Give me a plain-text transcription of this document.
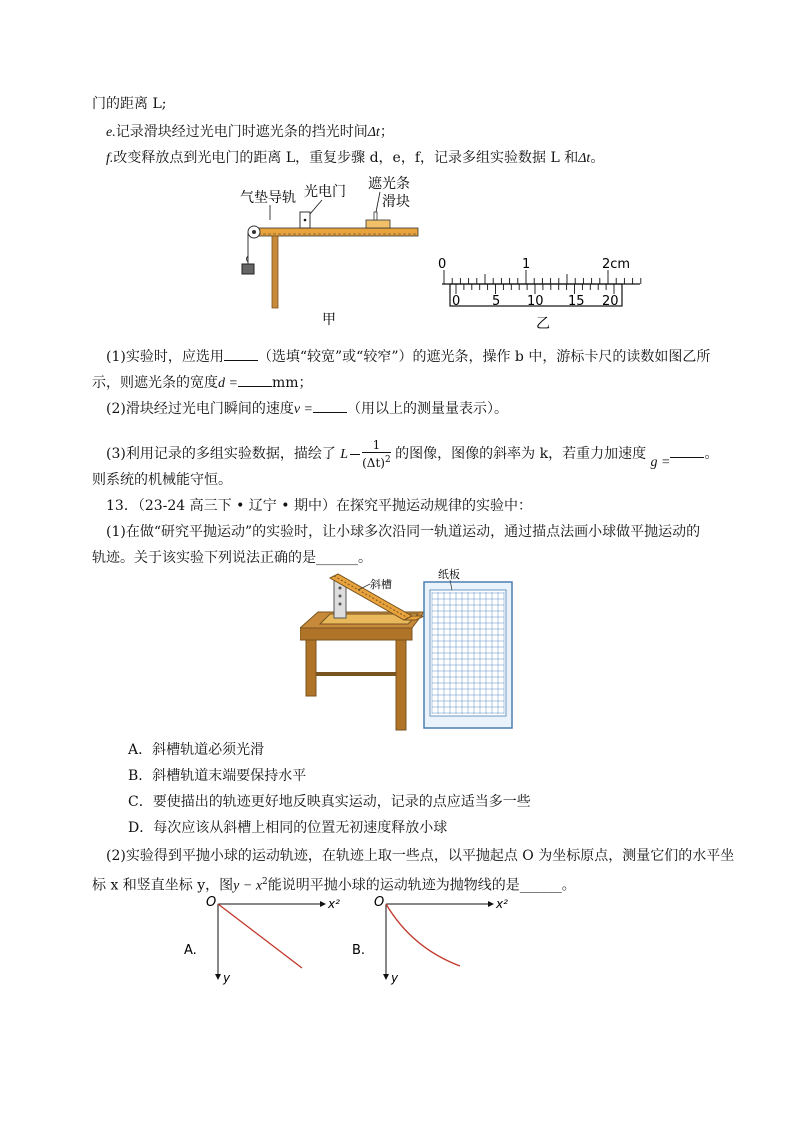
门的距离 L;
e.记录滑块经过光电门时遮光条的挡光时间Δt；
f.改变释放点到光电门的距离 L，重复步骤 d，e，f，记录多组实验数据 L 和Δt。
气垫导轨 光电门 遮光条
滑块
甲
0	1	2cm
0 5 10 15 20
乙
(1)实验时，应选用 （选填“较宽”或“较窄”）的遮光条，操作 b 中，游标卡尺的读数如图乙所
示，则遮光条的宽度d = mm；
(2)滑块经过光电门瞬间的速度v = （用以上的测量量表示）。
(3)利用记录的多组实验数据，描绘了 L
1
$(\Delta t)^2$ 的图像，图像的斜率为 k，若重力加速度 g =。
则系统的机械能守恒。
13．（23-24 高三下 • 辽宁 • 期中）在探究平抛运动规律的实验中：
(1)在做“研究平抛运动”的实验时，让小球多次沿同一轨道运动，通过描点法画小球做平抛运动的
轨迹。关于该实验下列说法正确的是______。
斜槽
纸板
A．斜槽轨道必须光滑
B．斜槽轨道末端要保持水平
C．要使描出的轨迹更好地反映真实运动，记录的点应适当多一些
D．每次应该从斜槽上相同的位置无初速度释放小球
(2)实验得到平抛小球的运动轨迹，在轨迹上取一些点，以平抛起点 O 为坐标原点，测量它们的水平坐
标 x 和竖直坐标 y，图$y - x^2$能说明平抛小球的运动轨迹为抛物线的是______。
A.
O	x²
y
B.
O	x²
y
